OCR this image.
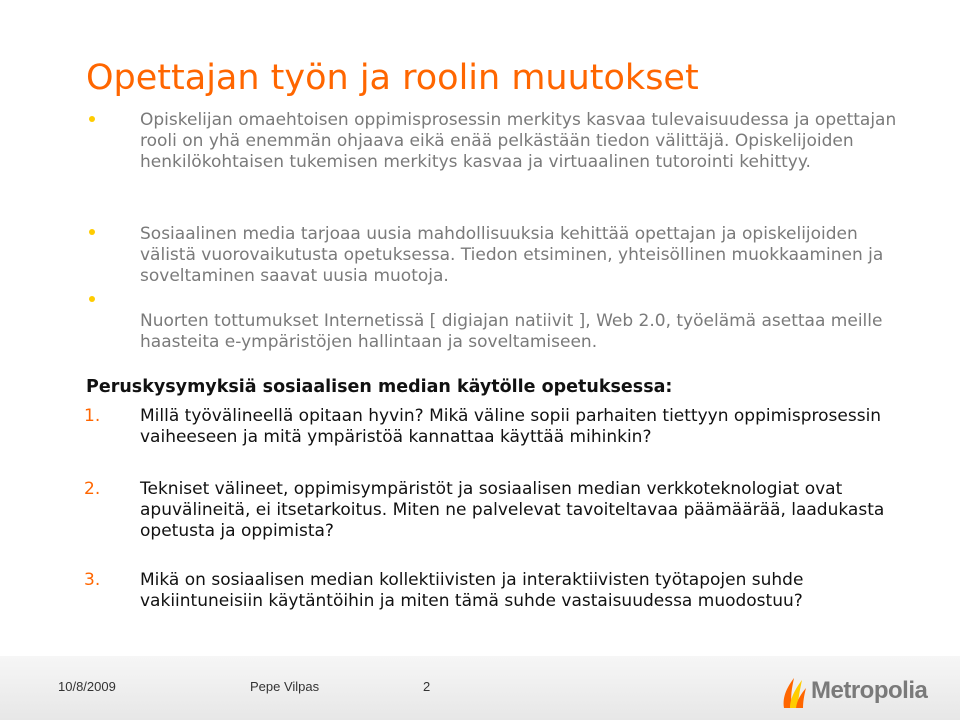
Opettajan työn ja roolin muutokset
Opiskelijan omaehtoisen oppimisprosessin merkitys kasvaa tulevaisuudessa ja opettajan rooli on yhä enemmän ohjaava eikä enää pelkästään tiedon välittäjä. Opiskelijoiden henkilökohtaisen tukemisen merkitys kasvaa ja virtuaalinen tutorointi kehittyy.
Sosiaalinen media tarjoaa uusia mahdollisuuksia kehittää opettajan ja opiskelijoiden välistä vuorovaikutusta opetuksessa. Tiedon etsiminen, yhteisöllinen muokkaaminen ja soveltaminen saavat uusia muotoja.
Nuorten tottumukset Internetissä [ digiajan natiivit ], Web 2.0, työelämä asettaa meille haasteita e-ympäristöjen hallintaan ja soveltamiseen.
Peruskysymyksiä sosiaalisen median käytölle opetuksessa:
1. Millä työvälineellä opitaan hyvin? Mikä väline sopii parhaiten tiettyyn oppimisprosessin vaiheeseen ja mitä ympäristöä kannattaa käyttää mihinkin?
2. Tekniset välineet, oppimisympäristöt ja sosiaalisen median verkkoteknologiat ovat apuvälineitä, ei itsetarkoitus. Miten ne palvelevat tavoiteltavaa päämäärää, laadukasta opetusta ja oppimista?
3. Mikä on sosiaalisen median kollektiivisten ja interaktiivisten työtapojen suhde vakiintuneisiin käytäntöihin ja miten tämä suhde vastaisuudessa muodostuu?
10/8/2009	Pepe Vilpas	2	Metropolia
